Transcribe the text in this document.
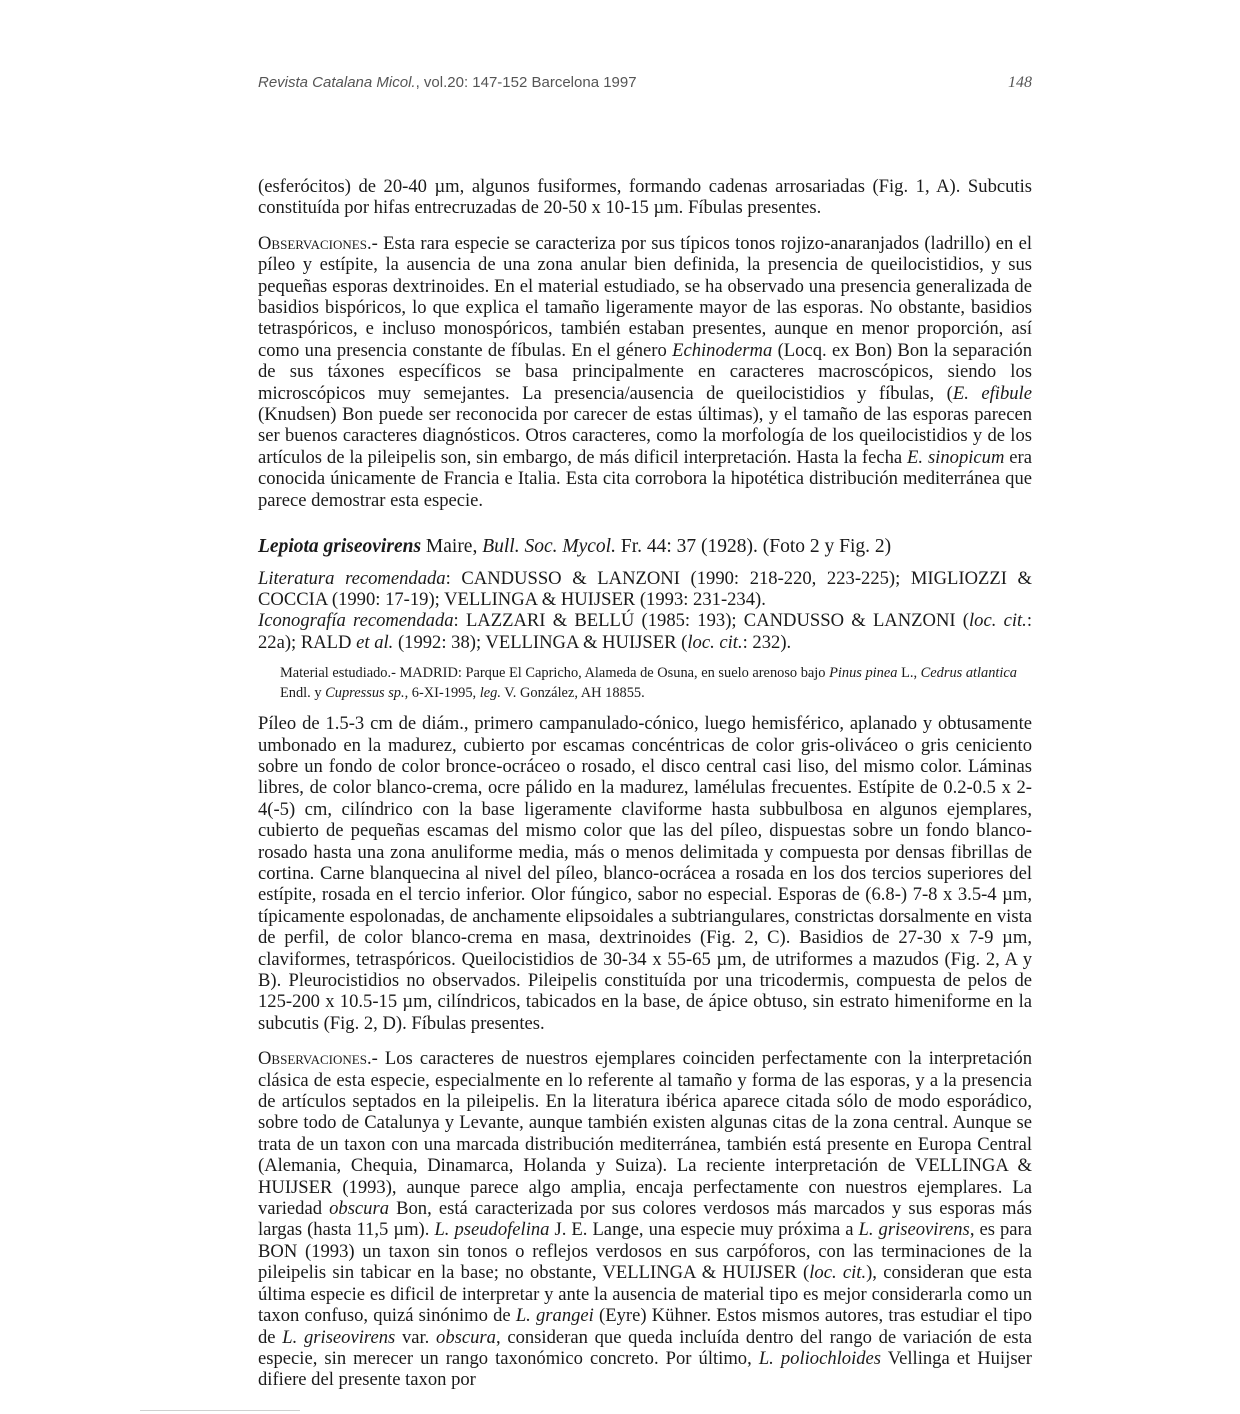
Revista Catalana Micol., vol.20: 147-152 Barcelona 1997	148

(esferócitos) de 20-40 µm, algunos fusiformes, formando cadenas arrosariadas (Fig. 1, A). Subcutis constituída por hifas entrecruzadas de 20-50 x 10-15 µm. Fíbulas presentes.

Observaciones.- Esta rara especie se caracteriza por sus típicos tonos rojizo-anaranjados (ladrillo) en el píleo y estípite, la ausencia de una zona anular bien definida, la presencia de queilocistidios, y sus pequeñas esporas dextrinoides. En el material estudiado, se ha observado una presencia generalizada de basidios bispóricos, lo que explica el tamaño ligeramente mayor de las esporas. No obstante, basidios tetraspóricos, e incluso monospóricos, también estaban presentes, aunque en menor proporción, así como una presencia constante de fíbulas. En el género Echinoderma (Locq. ex Bon) Bon la separación de sus táxones específicos se basa principalmente en caracteres macroscópicos, siendo los microscópicos muy semejantes. La presencia/ausencia de queilocistidios y fíbulas, (E. efibule (Knudsen) Bon puede ser reconocida por carecer de estas últimas), y el tamaño de las esporas parecen ser buenos caracteres diagnósticos. Otros caracteres, como la morfología de los queilocistidios y de los artículos de la pileipelis son, sin embargo, de más dificil interpretación. Hasta la fecha E. sinopicum era conocida únicamente de Francia e Italia. Esta cita corrobora la hipotética distribución mediterránea que parece demostrar esta especie.

Lepiota griseovirens Maire, Bull. Soc. Mycol. Fr. 44: 37 (1928). (Foto 2 y Fig. 2)

Literatura recomendada: CANDUSSO & LANZONI (1990: 218-220, 223-225); MIGLIOZZI & COCCIA (1990: 17-19); VELLINGA & HUIJSER (1993: 231-234).

Iconografía recomendada: LAZZARI & BELLÚ (1985: 193); CANDUSSO & LANZONI (loc. cit.: 22a); RALD et al. (1992: 38); VELLINGA & HUIJSER (loc. cit.: 232).

Material estudiado.- MADRID: Parque El Capricho, Alameda de Osuna, en suelo arenoso bajo Pinus pinea L., Cedrus atlantica Endl. y Cupressus sp., 6-XI-1995, leg. V. González, AH 18855.

Píleo de 1.5-3 cm de diám., primero campanulado-cónico, luego hemisférico, aplanado y obtusamente umbonado en la madurez, cubierto por escamas concéntricas de color gris-oliváceo o gris ceniciento sobre un fondo de color bronce-ocráceo o rosado, el disco central casi liso, del mismo color. Láminas libres, de color blanco-crema, ocre pálido en la madurez, lamélulas frecuentes. Estípite de 0.2-0.5 x 2-4(-5) cm, cilíndrico con la base ligeramente claviforme hasta subbulbosa en algunos ejemplares, cubierto de pequeñas escamas del mismo color que las del píleo, dispuestas sobre un fondo blanco-rosado hasta una zona anuliforme media, más o menos delimitada y compuesta por densas fibrillas de cortina. Carne blanquecina al nivel del píleo, blanco-ocrácea a rosada en los dos tercios superiores del estípite, rosada en el tercio inferior. Olor fúngico, sabor no especial. Esporas de (6.8-) 7-8 x 3.5-4 µm, típicamente espolonadas, de anchamente elipsoidales a subtriangulares, constrictas dorsalmente en vista de perfil, de color blanco-crema en masa, dextrinoides (Fig. 2, C). Basidios de 27-30 x 7-9 µm, claviformes, tetraspóricos. Queilocistidios de 30-34 x 55-65 µm, de utriformes a mazudos (Fig. 2, A y B). Pleurocistidios no observados. Pileipelis constituída por una tricodermis, compuesta de pelos de 125-200 x 10.5-15 µm, cilíndricos, tabicados en la base, de ápice obtuso, sin estrato himeniforme en la subcutis (Fig. 2, D). Fíbulas presentes.

Observaciones.- Los caracteres de nuestros ejemplares coinciden perfectamente con la interpretación clásica de esta especie, especialmente en lo referente al tamaño y forma de las esporas, y a la presencia de artículos septados en la pileipelis. En la literatura ibérica aparece citada sólo de modo esporádico, sobre todo de Catalunya y Levante, aunque también existen algunas citas de la zona central. Aunque se trata de un taxon con una marcada distribución mediterránea, también está presente en Europa Central (Alemania, Chequia, Dinamarca, Holanda y Suiza). La reciente interpretación de VELLINGA & HUIJSER (1993), aunque parece algo amplia, encaja perfectamente con nuestros ejemplares. La variedad obscura Bon, está caracterizada por sus colores verdosos más marcados y sus esporas más largas (hasta 11,5 µm). L. pseudofelina J. E. Lange, una especie muy próxima a L. griseovirens, es para BON (1993) un taxon sin tonos o reflejos verdosos en sus carpóforos, con las terminaciones de la pileipelis sin tabicar en la base; no obstante, VELLINGA & HUIJSER (loc. cit.), consideran que esta última especie es dificil de interpretar y ante la ausencia de material tipo es mejor considerarla como un taxon confuso, quizá sinónimo de L. grangei (Eyre) Kühner. Estos mismos autores, tras estudiar el tipo de L. griseovirens var. obscura, consideran que queda incluída dentro del rango de variación de esta especie, sin merecer un rango taxonómico concreto. Por último, L. poliochloides Vellinga et Huijser difiere del presente taxon por
